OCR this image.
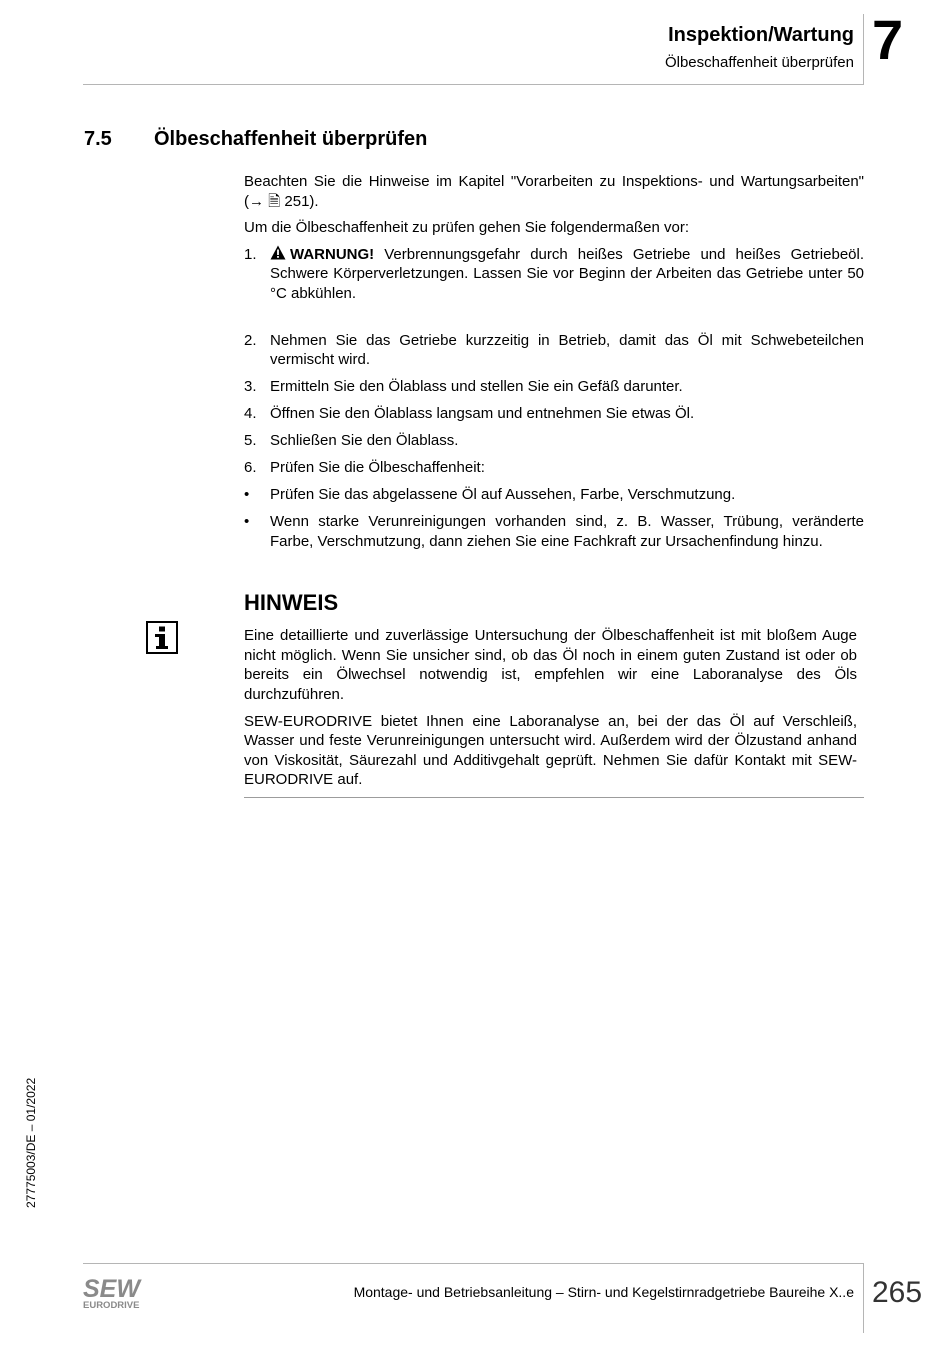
Inspektion/Wartung
Ölbeschaffenheit überprüfen 7
7.5 Ölbeschaffenheit überprüfen

Beachten Sie die Hinweise im Kapitel "Vorarbeiten zu Inspektions- und Wartungsarbeiten" (→ 🗎 251).

Um die Ölbeschaffenheit zu prüfen gehen Sie folgendermaßen vor:

1. WARNUNG! Verbrennungsgefahr durch heißes Getriebe und heißes Getriebeöl. Schwere Körperverletzungen. Lassen Sie vor Beginn der Arbeiten das Getriebe unter 50 °C abkühlen.
2. Nehmen Sie das Getriebe kurzzeitig in Betrieb, damit das Öl mit Schwebeteilchen vermischt wird.
3. Ermitteln Sie den Ölablass und stellen Sie ein Gefäß darunter.
4. Öffnen Sie den Ölablass langsam und entnehmen Sie etwas Öl.
5. Schließen Sie den Ölablass.
6. Prüfen Sie die Ölbeschaffenheit:
• Prüfen Sie das abgelassene Öl auf Aussehen, Farbe, Verschmutzung.
• Wenn starke Verunreinigungen vorhanden sind, z. B. Wasser, Trübung, veränderte Farbe, Verschmutzung, dann ziehen Sie eine Fachkraft zur Ursachenfindung hinzu.
HINWEIS

Eine detaillierte und zuverlässige Untersuchung der Ölbeschaffenheit ist mit bloßem Auge nicht möglich. Wenn Sie unsicher sind, ob das Öl noch in einem guten Zustand ist oder ob bereits ein Ölwechsel notwendig ist, empfehlen wir eine Laboranalyse des Öls durchzuführen.

SEW-EURODRIVE bietet Ihnen eine Laboranalyse an, bei der das Öl auf Verschleiß, Wasser und feste Verunreinigungen untersucht wird. Außerdem wird der Ölzustand anhand von Viskosität, Säurezahl und Additivgehalt geprüft. Nehmen Sie dafür Kontakt mit SEW-EURODRIVE auf.

27775003/DE – 01/2022
SEW
EURODRIVE
Montage- und Betriebsanleitung – Stirn- und Kegelstirnradgetriebe Baureihe X..e 265
